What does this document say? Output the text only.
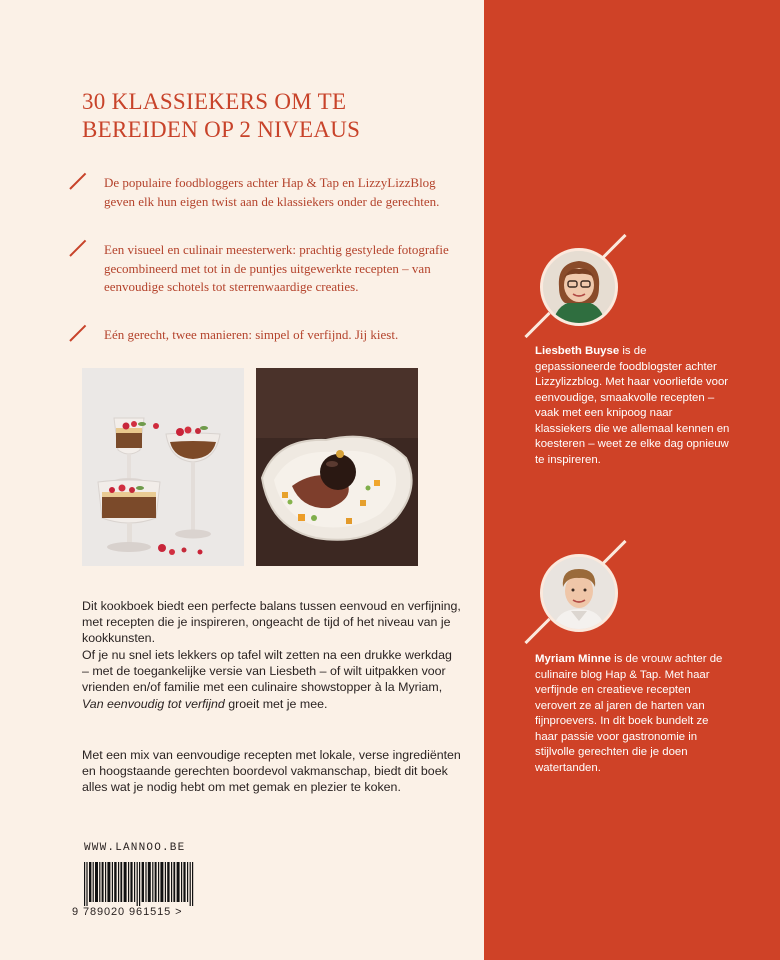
30 KLASSIEKERS OM TE
BEREIDEN OP 2 NIVEAUS

De populaire foodbloggers achter Hap & Tap en LizzyLizzBlog geven elk hun eigen twist aan de klassiekers onder de gerechten.

Een visueel en culinair meesterwerk: prachtig gestylede fotografie gecombineerd met tot in de puntjes uitgewerkte recepten – van eenvoudige schotels tot sterrenwaardige creaties.

Eén gerecht, twee manieren: simpel of verfijnd. Jij kiest.

Dit kookboek biedt een perfecte balans tussen eenvoud en verfijning, met recepten die je inspireren, ongeacht de tijd of het niveau van je kookkunsten.

Of je nu snel iets lekkers op tafel wilt zetten na een drukke werkdag – met de toegankelijke versie van Liesbeth – of wilt uitpakken voor vrienden en/of familie met een culinaire showstopper à la Myriam, Van eenvoudig tot verfijnd groeit met je mee.

Met een mix van eenvoudige recepten met lokale, verse ingrediënten en hoogstaande gerechten boordevol vakmanschap, biedt dit boek alles wat je nodig hebt om met gemak en plezier te koken.

WWW.LANNOO.BE
9 789020 961515 >

Liesbeth Buyse is de gepassioneerde foodblogster achter Lizzylizzblog. Met haar voorliefde voor eenvoudige, smaakvolle recepten – vaak met een knipoog naar klassiekers die we allemaal kennen en koesteren – weet ze elke dag opnieuw te inspireren.

Myriam Minne is de vrouw achter de culinaire blog Hap & Tap. Met haar verfijnde en creatieve recepten verovert ze al jaren de harten van fijnproevers. In dit boek bundelt ze haar passie voor gastronomie in stijlvolle gerechten die je doen watertanden.
